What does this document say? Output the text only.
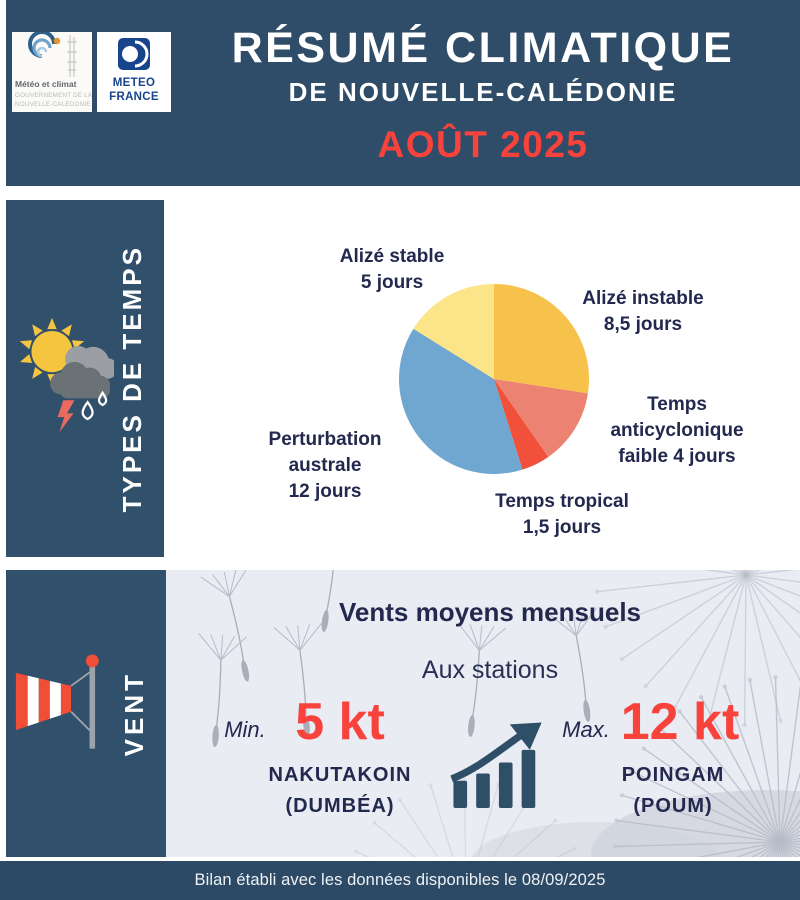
Météo et climat
GOUVERNEMENT DE LA
NOUVELLE-CALÉDONIE
METEO
FRANCE
RÉSUMÉ CLIMATIQUE
DE NOUVELLE-CALÉDONIE
AOÛT 2025
TYPES DE TEMPS	Alizé instable
8,5 jours
Temps
anticyclonique
faible 4 jours
Temps tropical
1,5 jours
Perturbation
australe
12 jours
Alizé stable
5 jours
VENT
Vents moyens mensuels
Aux stations
Min. 5 kt
NAKUTAKOIN
(DUMBÉA)
Max. 12 kt
POINGAM
(POUM)
Bilan établi avec les données disponibles le 08/09/2025
